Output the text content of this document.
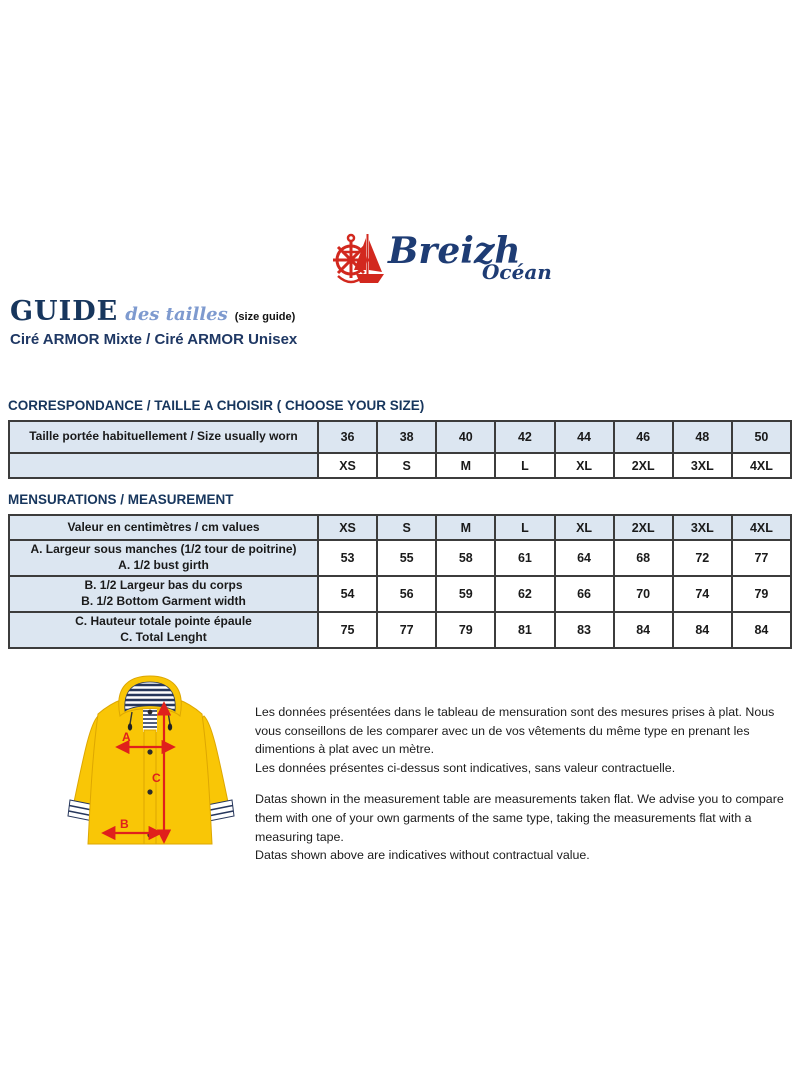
Breizh
Océan
GUIDE des tailles (size guide)
Ciré ARMOR Mixte / Ciré ARMOR Unisex
CORRESPONDANCE / TAILLE A CHOISIR ( CHOOSE YOUR SIZE)
Taille portée habituellement / Size usually worn	36	38	40	42	44	46	48	50
	XS	S	M	L	XL	2XL	3XL	4XL
MENSURATIONS / MEASUREMENT
Valeur en centimètres / cm values	XS	S	M	L	XL	2XL	3XL	4XL

A. Largeur sous manches (1/2 tour de poitrine)
A. 1/2 bust girth	53	55	58	61	64	68	72	77

B. 1/2 Largeur bas du corps
B. 1/2 Bottom Garment width	54	56	59	62	66	70	74	79

C. Hauteur totale pointe épaule
C. Total Lenght	75	77	79	81	83	84	84	84
A
B
C

Les données présentées dans le tableau de mensuration sont des mesures prises à plat. Nous vous conseillons de les comparer avec un de vos vêtements du même type en prenant les dimentions à plat avec un mètre.

Les données présentes ci-dessus sont indicatives, sans valeur contractuelle.

Datas shown in the measurement table are measurements taken flat. We advise you to compare them with one of your own garments of the same type, taking the measurements flat with a measuring tape.

Datas shown above are indicatives without contractual value.
